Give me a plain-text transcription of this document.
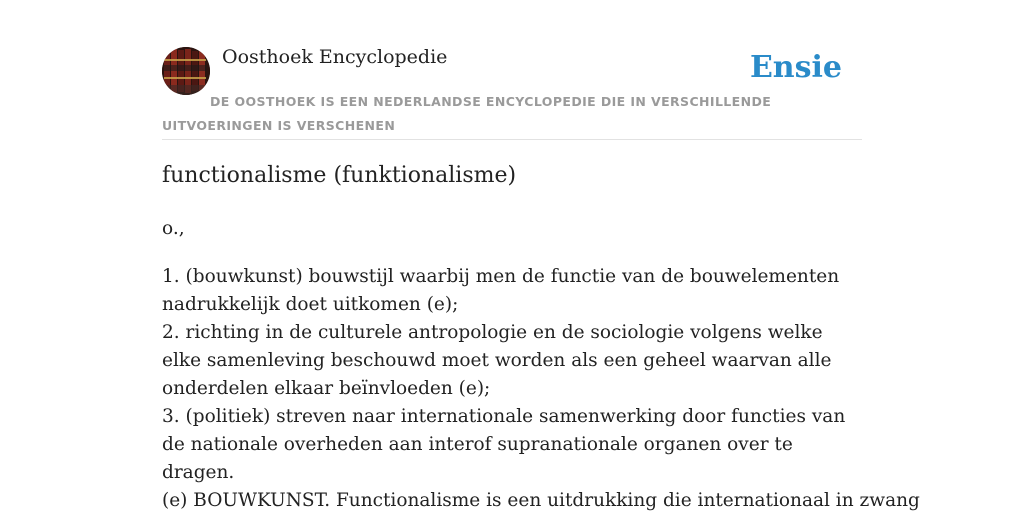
Oosthoek Encyclopedie	Ensie
DE OOSTHOEK IS EEN NEDERLANDSE ENCYCLOPEDIE DIE IN VERSCHILLENDE UITVOERINGEN IS VERSCHENEN
functionalisme (funktionalisme)
o.,
1. (bouwkunst) bouwstijl waarbij men de functie van de bouwelementen nadrukkelijk doet uitkomen (e);
2. richting in de culturele antropologie en de sociologie volgens welke elke samenleving beschouwd moet worden als een geheel waarvan alle onderdelen elkaar beïnvloeden (e);
3. (politiek) streven naar internationale samenwerking door functies van de nationale overheden aan interof supranationale organen over te dragen.
(e) BOUWKUNST. Functionalisme is een uitdrukking die internationaal in zwang
